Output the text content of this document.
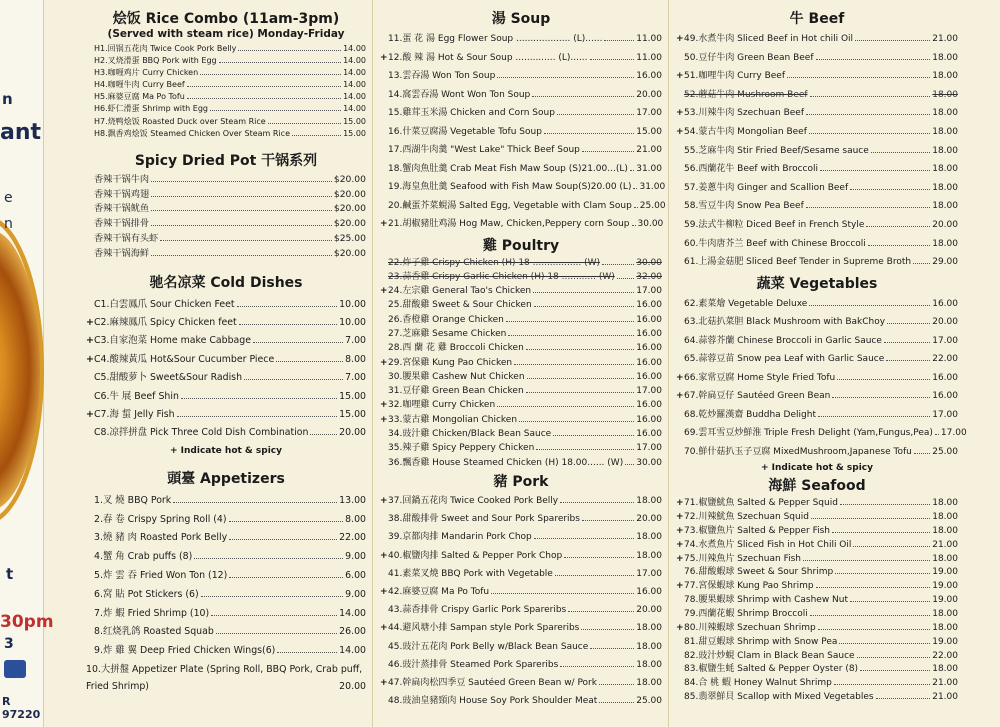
n
ant
e
n
t
30pm
3
R 97220
烩饭 Rice Combo (11am-3pm)
(Served with steam rice) Monday-Friday
H1.回锅五花肉 Twice Cook Pork Belly	14.00
H2.叉烧滑蛋 BBQ Pork with Egg	14.00
H3.咖喱鸡片 Curry Chicken	14.00
H4.咖喱牛肉 Curry Beef	14.00
H5.麻婆豆腐 Ma Po Tofu	14.00
H6.虾仁滑蛋 Shrimp with Egg	14.00
H7.烧鸭烩饭 Roasted Duck over Steam Rice	15.00
H8.飘香鸡烩饭 Steamed Chicken Over Steam Rice	15.00
Spicy Dried Pot 干锅系列
香辣干锅牛肉	$20.00
香辣干锅鸡翅	$20.00
香辣干锅鱿鱼	$20.00
香辣干锅排骨	$20.00
香辣干锅有头虾	$25.00
香辣干锅海鲜	$20.00
驰名凉菜 Cold Dishes
C1.白雲鳳爪 Sour Chicken Feet	10.00
+ C2.麻辣鳳爪 Spicy Chicken feet	10.00
+ C3.自家泡菜 Home make Cabbage	7.00
+ C4.酸辣黃瓜 Hot&Sour Cucumber Piece	8.00
C5.甜酸萝卜 Sweet&Sour Radish	7.00
C6.牛 展 Beef Shin	15.00
+ C7.海 蜇 Jelly Fish	15.00
C8.凉拌拼盘 Pick Three Cold Dish Combination	20.00
+ Indicate hot & spicy
頭臺 Appetizers
1.叉 燒 BBQ Pork	13.00
2.春 卷 Crispy Spring Roll (4)	8.00
3.燒 豬 肉 Roasted Pork Belly	22.00
4.蟹 角 Crab puffs (8)	9.00
5.炸 雲 吞 Fried Won Ton (12)	6.00
6.窝 貼 Pot Stickers (6)	9.00
7.炸 蝦 Fried Shrimp (10)	14.00
8.红烧乳鸽 Roasted Squab	26.00
9.炸 雞 翼 Deep Fried Chicken Wings(6)	14.00
10.大拼盤 Appetizer Plate (Spring Roll, BBQ Pork, Crab puff, Fried Shrimp)	20.00
湯 Soup
11.蛋 花 湯 Egg Flower Soup ................... (L)......	11.00
+ 12.酸 辣 湯 Hot & Sour Soup .............. (L)......	11.00
13.雲吞湯 Won Ton Soup	16.00
14.窩雲吞湯 Wont Won Ton Soup	20.00
15.雞茸玉米湯 Chicken and Corn Soup	17.00
16.什菜豆腐湯 Vegetable Tofu Soup	15.00
17.西湖牛肉羹 "West Lake" Thick Beef Soup	21.00
18.蟹肉魚肚羹 Crab Meat Fish Maw Soup (S)21.00...(L) 31.00
19.海皇魚肚羹 Seafood with Fish Maw Soup(S)20.00 (L) 31.00
20.鹹蛋芥菜蜆湯 Salted Egg, Vegetable with Clam Soup 25.00
+ 21.胡椒豬肚鸡湯 Hog Maw, Chicken,Peppery corn Soup 30.00
雞 Poultry
22.炸子雞 Crispy Chicken (H) 18 ................. (W)	30.00
23.蒜香雞 Crispy Garlic Chicken (H) 18 ............ (W) 32.00
+ 24.左宗雞 General Tao's Chicken	17.00
25.甜酸雞 Sweet & Sour Chicken	16.00
26.香橙雞 Orange Chicken	16.00
27.芝麻雞 Sesame Chicken	16.00
28.西 蘭 花 雞 Broccoli Chicken	16.00
+ 29.宮保雞 Kung Pao Chicken	16.00
30.腰果雞 Cashew Nut Chicken	16.00
31.豆仔雞 Green Bean Chicken	17.00
+ 32.咖哩雞 Curry Chicken	16.00
+ 33.蒙古雞 Mongolian Chicken	16.00
34.豉汁雞 Chicken/Black Bean Sauce	16.00
35.辣子雞 Spicy Peppery Chicken	17.00
36.飄香雞 House Steamed Chicken (H) 18.00...... (W) 30.00
豬 Pork
+ 37.回鍋五花肉 Twice Cooked Pork Belly	18.00
38.甜酸排骨 Sweet and Sour Pork Spareribs	20.00
39.京都肉排 Mandarin Pork Chop	18.00
+ 40.椒鹽肉排 Salted & Pepper Pork Chop	18.00
41.素菜叉燒 BBQ Pork with Vegetable	17.00
+ 42.麻婆豆腐 Ma Po Tofu	16.00
43.蒜香排骨 Crispy Garlic Pork Spareribs	20.00
+ 44.避风塘小排 Sampan style Pork Spareribs	18.00
45.豉汁五花肉 Pork Belly w/Black Bean Sauce	18.00
46.豉汁蒸排骨 Steamed Pork Spareribs	18.00
+ 47.幹扁肉松四季豆 Sautéed Green Bean w/ Pork	18.00
48.豉油皇豬頸肉 House Soy Pork Shoulder Meat	25.00
牛 Beef
+ 49.水煮牛肉 Sliced Beef in Hot chili Oil	21.00
50.豆仔牛肉 Green Bean Beef	18.00
+ 51.咖哩牛肉 Curry Beef	18.00
52.蘑菇牛肉 Mushroom Beef	18.00
+ 53.川辣牛肉 Szechuan Beef	18.00
+ 54.蒙古牛肉 Mongolian Beef	18.00
55.芝麻牛肉 Stir Fried Beef/Sesame sauce	18.00
56.西蘭花牛 Beef with Broccoli	18.00
57.姜蔥牛肉 Ginger and Scallion Beef	18.00
58.雪豆牛肉 Snow Pea Beef	18.00
59.法式牛柳粒 Diced Beef in French Style	20.00
60.牛肉唐芥兰 Beef with Chinese Broccoli	18.00
61.上湯金菇肥 Sliced Beef Tender in Supreme Broth 29.00
蔬菜 Vegetables
62.素菜燴 Vegetable Deluxe	16.00
63.北菇扒菜胆 Black Mushroom with BakChoy	20.00
64.蒜蓉芥蘭 Chinese Broccoli in Garlic Sauce	17.00
65.蒜蓉豆苗 Snow pea Leaf with Garlic Sauce	22.00
+ 66.家常豆腐 Home Style Fried Tofu	16.00
+ 67.幹扁豆仔 Sautéed Green Bean	16.00
68.乾炒羅漢齋 Buddha Delight	17.00
69.雲耳雪豆炒鮮淮 Triple Fresh Delight (Yam,Fungus,Pea) 17.00
70.鮮什菇扒玉子豆腐 MixedMushroom,Japanese Tofu 25.00
+ Indicate hot & spicy
海鮮 Seafood
+ 71.椒鹽魷魚 Salted & Pepper Squid	18.00
+ 72.川辣魷魚 Szechuan Squid	18.00
+ 73.椒鹽魚片 Salted & Pepper Fish	18.00
+ 74.水煮魚片 Sliced Fish in Hot Chili Oil	21.00
+ 75.川辣魚片 Szechuan Fish	18.00
76.甜酸蝦球 Sweet & Sour Shrimp	19.00
+ 77.宮保蝦球 Kung Pao Shrimp	19.00
78.腰果蝦球 Shrimp with Cashew Nut	19.00
79.西蘭花蝦 Shrimp Broccoli	18.00
+ 80.川辣蝦球 Szechuan Shrimp	18.00
81.甜豆蝦球 Shrimp with Snow Pea	19.00
82.豉汁炒蜆 Clam in Black Bean Sauce	22.00
83.椒鹽生蚝 Salted & Pepper Oyster (8)	18.00
84.合 桃 蝦 Honey Walnut Shrimp	21.00
85.翡翠鮮貝 Scallop with Mixed Vegetables	21.00
